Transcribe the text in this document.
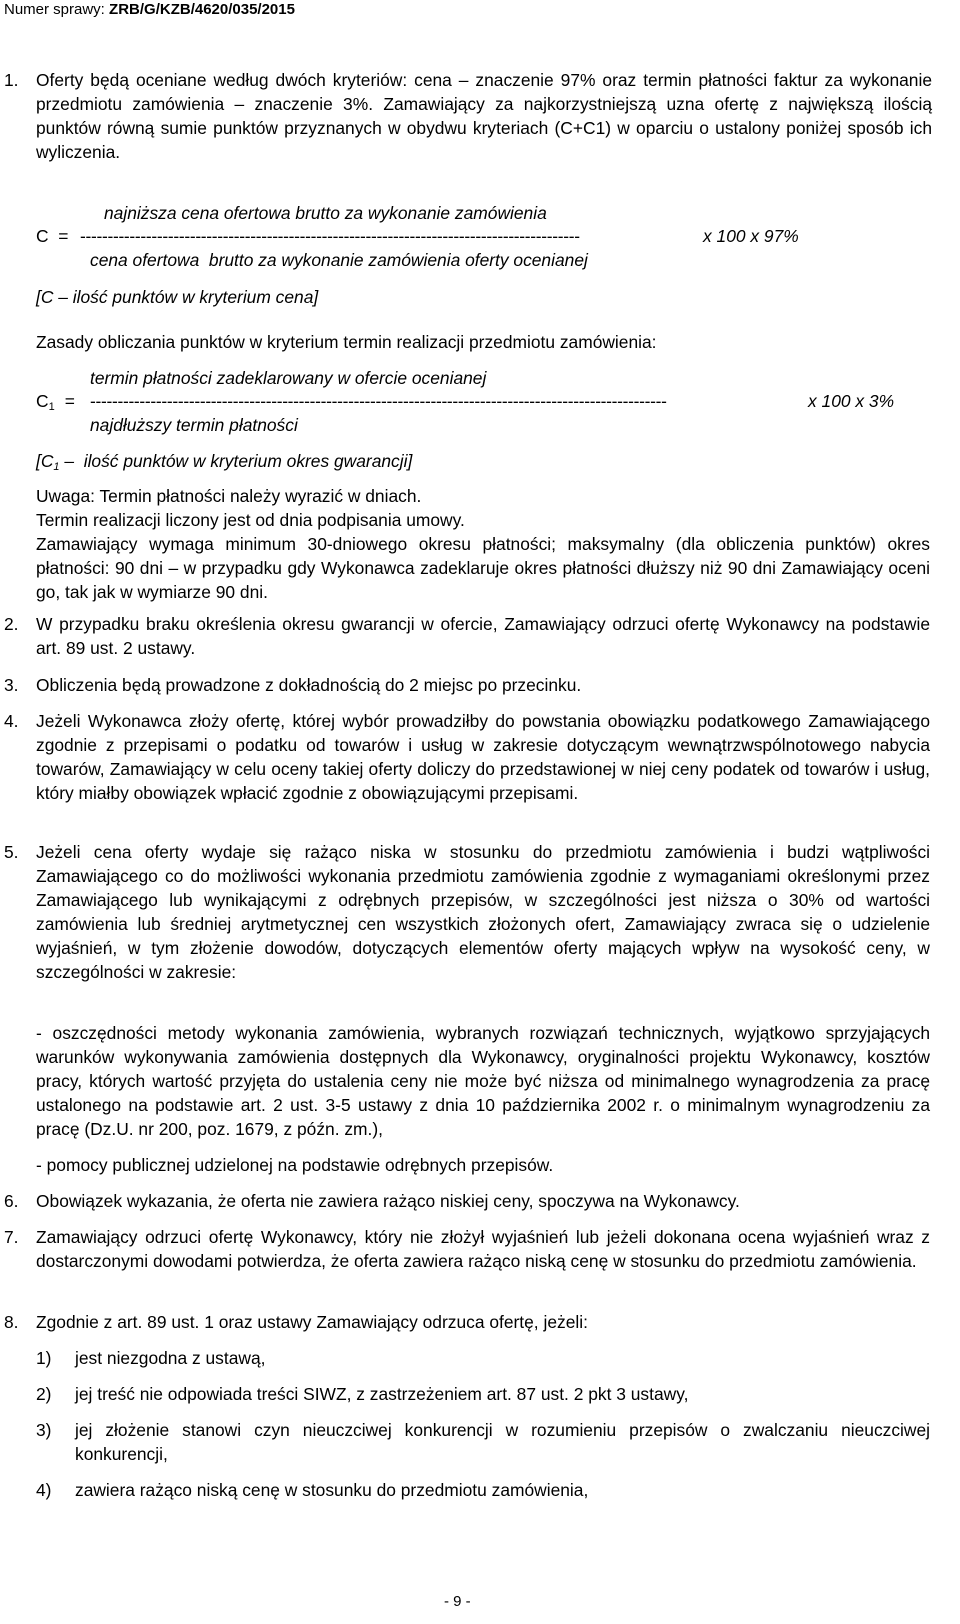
Numer sprawy: ZRB/G/KZB/4620/035/2015
1. Oferty będą oceniane według dwóch kryteriów: cena – znaczenie 97% oraz termin płatności faktur za wykonanie przedmiotu zamówienia – znaczenie 3%. Zamawiający za najkorzystniejszą uzna ofertę z największą ilością punktów równą sumie punktów przyznanych w obydwu kryteriach (C+C1) w oparciu o ustalony poniżej sposób ich wyliczenia.
najniższa cena ofertowa brutto za wykonanie zamówienia
C  = -------------------------------------------------------------------------------------------	x 100 x 97%
cena ofertowa  brutto za wykonanie zamówienia oferty ocenianej
[C – ilość punktów w kryterium cena]
Zasady obliczania punktów w kryterium termin realizacji przedmiotu zamówienia:
termin płatności zadeklarowany w ofercie ocenianej
$C_1$ = ---------------------------------------------------------------------------------------------------------	x 100 x 3%
najdłuższy termin płatności
[C1 –  ilość punktów w kryterium okres gwarancji]
Uwaga: Termin płatności należy wyrazić w dniach.
Termin realizacji liczony jest od dnia podpisania umowy.
Zamawiający wymaga minimum 30-dniowego okresu płatności; maksymalny (dla obliczenia punktów) okres płatności: 90 dni – w przypadku gdy Wykonawca zadeklaruje okres płatności dłuższy niż 90 dni Zamawiający oceni go, tak jak w wymiarze 90 dni.
2. W przypadku braku określenia okresu gwarancji w ofercie, Zamawiający odrzuci ofertę Wykonawcy na podstawie art. 89 ust. 2 ustawy.
3. Obliczenia będą prowadzone z dokładnością do 2 miejsc po przecinku.
4. Jeżeli Wykonawca złoży ofertę, której wybór prowadziłby do powstania obowiązku podatkowego Zamawiającego zgodnie z przepisami o podatku od towarów i usług w zakresie dotyczącym wewnątrzwspólnotowego nabycia towarów, Zamawiający w celu oceny takiej oferty doliczy do przedstawionej w niej ceny podatek od towarów i usług, który miałby obowiązek wpłacić zgodnie z obowiązującymi przepisami.
5. Jeżeli cena oferty wydaje się rażąco niska w stosunku do przedmiotu zamówienia i budzi wątpliwości Zamawiającego co do możliwości wykonania przedmiotu zamówienia zgodnie z wymaganiami określonymi przez Zamawiającego lub wynikającymi z odrębnych przepisów, w szczególności jest niższa o 30% od wartości zamówienia lub średniej arytmetycznej cen wszystkich złożonych ofert, Zamawiający zwraca się o udzielenie wyjaśnień, w tym złożenie dowodów, dotyczących elementów oferty mających wpływ na wysokość ceny, w szczególności w zakresie:
- oszczędności metody wykonania zamówienia, wybranych rozwiązań technicznych, wyjątkowo sprzyjających warunków wykonywania zamówienia dostępnych dla Wykonawcy, oryginalności projektu Wykonawcy, kosztów pracy, których wartość przyjęta do ustalenia ceny nie może być niższa od minimalnego wynagrodzenia za pracę ustalonego na podstawie art. 2 ust. 3-5 ustawy z dnia 10 października 2002 r. o minimalnym wynagrodzeniu za pracę (Dz.U. nr 200, poz. 1679, z późn. zm.),
- pomocy publicznej udzielonej na podstawie odrębnych przepisów.
6. Obowiązek wykazania, że oferta nie zawiera rażąco niskiej ceny, spoczywa na Wykonawcy.
7. Zamawiający odrzuci ofertę Wykonawcy, który nie złożył wyjaśnień lub jeżeli dokonana ocena wyjaśnień wraz z dostarczonymi dowodami potwierdza, że oferta zawiera rażąco niską cenę w stosunku do przedmiotu zamówienia.
8. Zgodnie z art. 89 ust. 1 oraz ustawy Zamawiający odrzuca ofertę, jeżeli:
1) jest niezgodna z ustawą,
2) jej treść nie odpowiada treści SIWZ, z zastrzeżeniem art. 87 ust. 2 pkt 3 ustawy,
3) jej złożenie stanowi czyn nieuczciwej konkurencji w rozumieniu przepisów o zwalczaniu nieuczciwej konkurencji,
4) zawiera rażąco niską cenę w stosunku do przedmiotu zamówienia,
- 9 -
